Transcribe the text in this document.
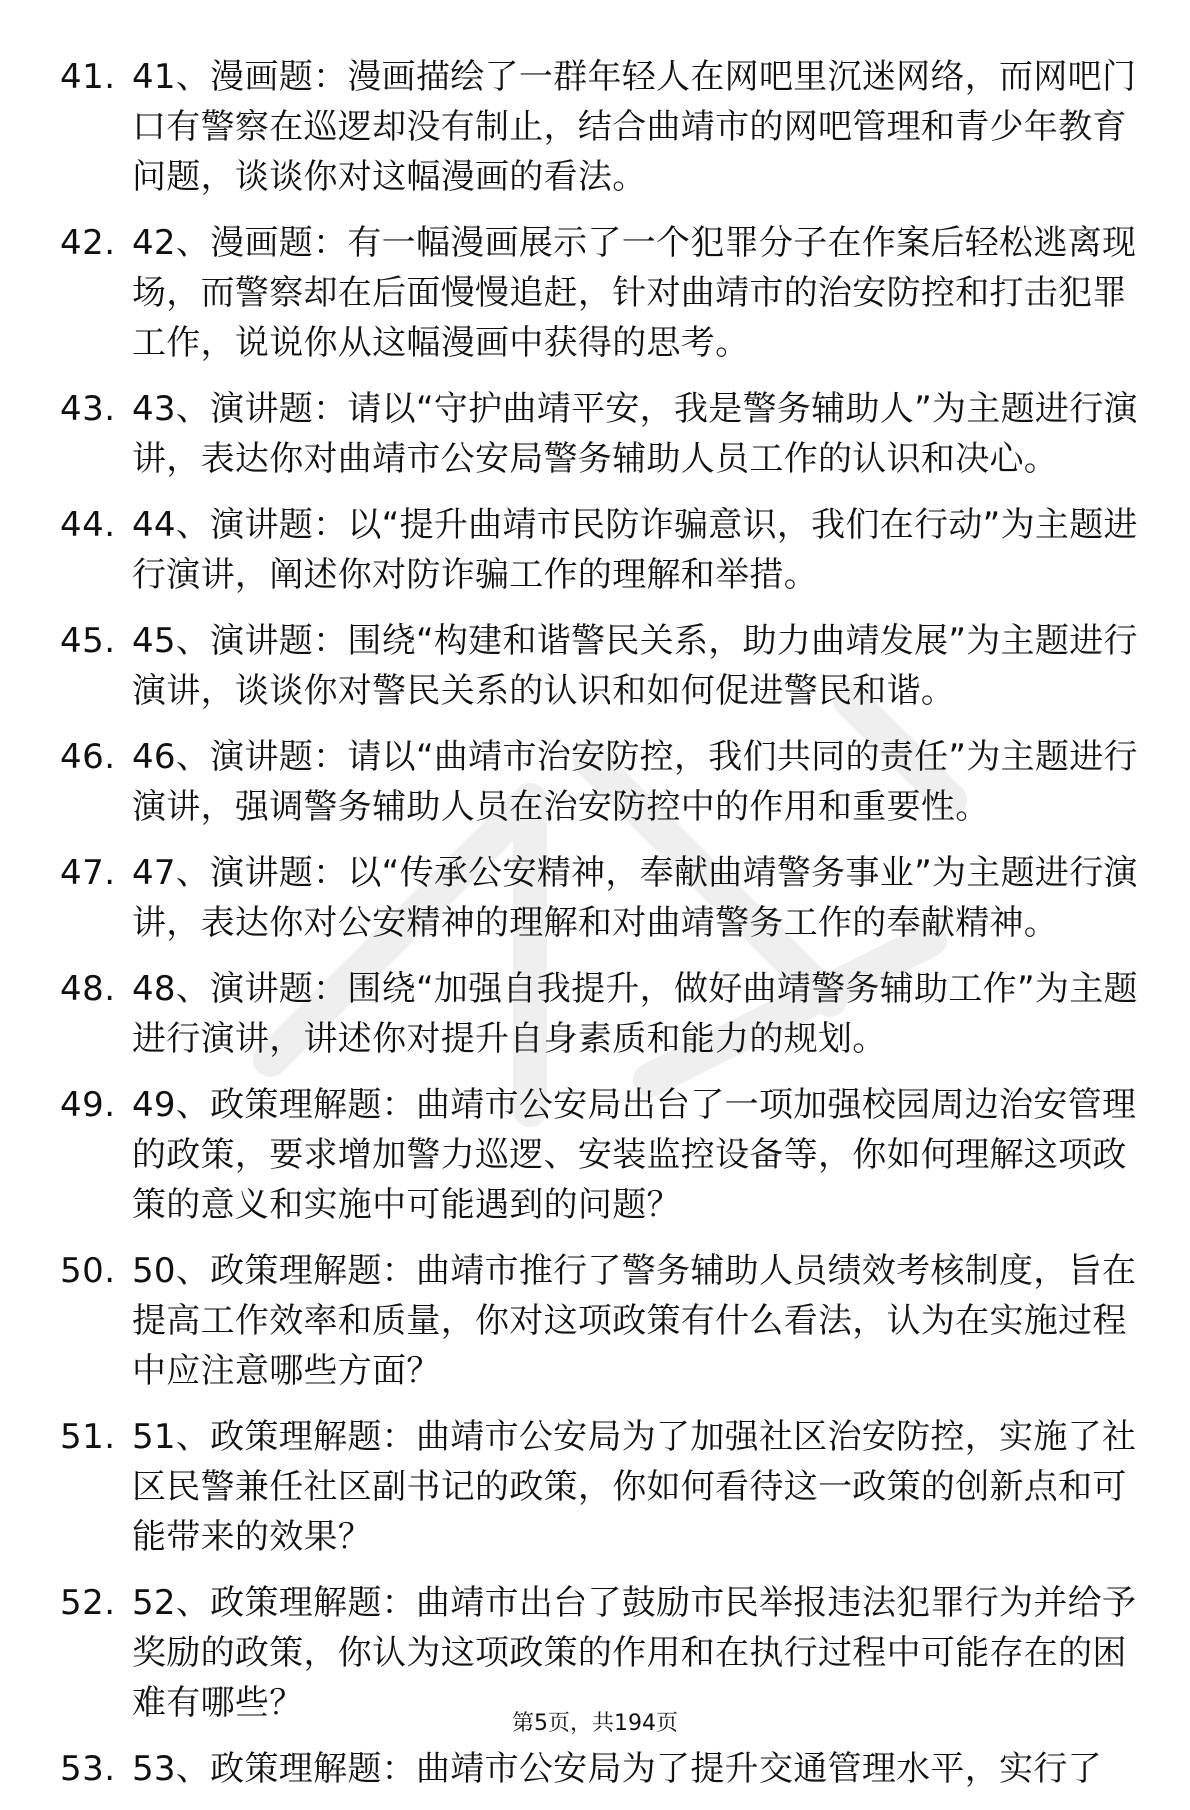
41. 41、漫画题：漫画描绘了一群年轻人在网吧里沉迷网络，而网吧门口有警察在巡逻却没有制止，结合曲靖市的网吧管理和青少年教育问题，谈谈你对这幅漫画的看法。
42. 42、漫画题：有一幅漫画展示了一个犯罪分子在作案后轻松逃离现场，而警察却在后面慢慢追赶，针对曲靖市的治安防控和打击犯罪工作，说说你从这幅漫画中获得的思考。
43. 43、演讲题：请以“守护曲靖平安，我是警务辅助人”为主题进行演讲，表达你对曲靖市公安局警务辅助人员工作的认识和决心。
44. 44、演讲题：以“提升曲靖市民防诈骗意识，我们在行动”为主题进行演讲，阐述你对防诈骗工作的理解和举措。
45. 45、演讲题：围绕“构建和谐警民关系，助力曲靖发展”为主题进行演讲，谈谈你对警民关系的认识和如何促进警民和谐。
46. 46、演讲题：请以“曲靖市治安防控，我们共同的责任”为主题进行演讲，强调警务辅助人员在治安防控中的作用和重要性。
47. 47、演讲题：以“传承公安精神，奉献曲靖警务事业”为主题进行演讲，表达你对公安精神的理解和对曲靖警务工作的奉献精神。
48. 48、演讲题：围绕“加强自我提升，做好曲靖警务辅助工作”为主题进行演讲，讲述你对提升自身素质和能力的规划。
49. 49、政策理解题：曲靖市公安局出台了一项加强校园周边治安管理的政策，要求增加警力巡逻、安装监控设备等，你如何理解这项政策的意义和实施中可能遇到的问题？
50. 50、政策理解题：曲靖市推行了警务辅助人员绩效考核制度，旨在提高工作效率和质量，你对这项政策有什么看法，认为在实施过程中应注意哪些方面？
51. 51、政策理解题：曲靖市公安局为了加强社区治安防控，实施了社区民警兼任社区副书记的政策，你如何看待这一政策的创新点和可能带来的效果？
52. 52、政策理解题：曲靖市出台了鼓励市民举报违法犯罪行为并给予奖励的政策，你认为这项政策的作用和在执行过程中可能存在的困难有哪些？
53. 53、政策理解题：曲靖市公安局为了提升交通管理水平，实行了
第5页，共194页
